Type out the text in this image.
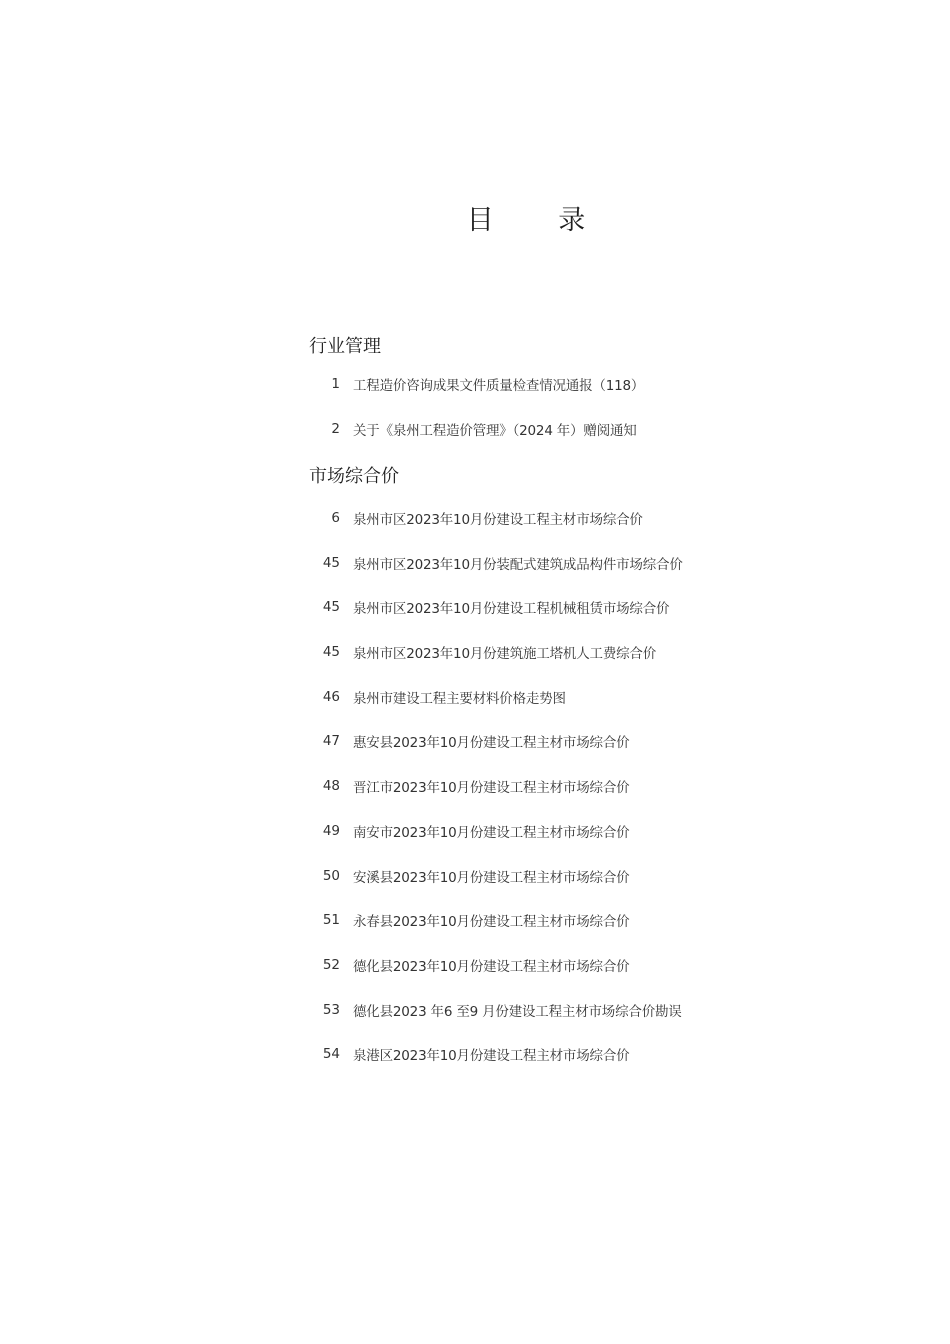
目 录
行业管理
1 工程造价咨询成果文件质量检查情况通报（118）
2 关于《泉州工程造价管理》（2024 年）赠阅通知
市场综合价
6 泉州市区2023年10月份建设工程主材市场综合价
45 泉州市区2023年10月份装配式建筑成品构件市场综合价
45 泉州市区2023年10月份建设工程机械租赁市场综合价
45 泉州市区2023年10月份建筑施工塔机人工费综合价
46 泉州市建设工程主要材料价格走势图
47 惠安县2023年10月份建设工程主材市场综合价
48 晋江市2023年10月份建设工程主材市场综合价
49 南安市2023年10月份建设工程主材市场综合价
50 安溪县2023年10月份建设工程主材市场综合价
51 永春县2023年10月份建设工程主材市场综合价
52 德化县2023年10月份建设工程主材市场综合价
53 德化县2023 年6 至9 月份建设工程主材市场综合价勘误
54 泉港区2023年10月份建设工程主材市场综合价
